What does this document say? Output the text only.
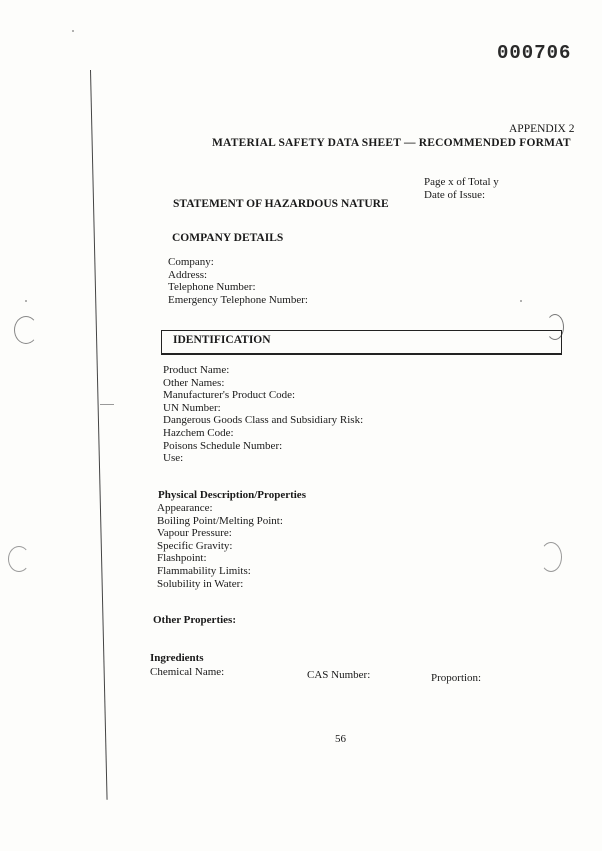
000706
APPENDIX 2
MATERIAL SAFETY DATA SHEET — RECOMMENDED FORMAT
Page x of Total y
Date of Issue:
STATEMENT OF HAZARDOUS NATURE
COMPANY DETAILS
Company:
Address:
Telephone Number:
Emergency Telephone Number:
IDENTIFICATION
Product Name:
Other Names:
Manufacturer's Product Code:
UN Number:
Dangerous Goods Class and Subsidiary Risk:
Hazchem Code:
Poisons Schedule Number:
Use:
Physical Description/Properties
Appearance:
Boiling Point/Melting Point:
Vapour Pressure:
Specific Gravity:
Flashpoint:
Flammability Limits:
Solubility in Water:
Other Properties:
Ingredients
Chemical Name:	CAS Number:	Proportion:
56
